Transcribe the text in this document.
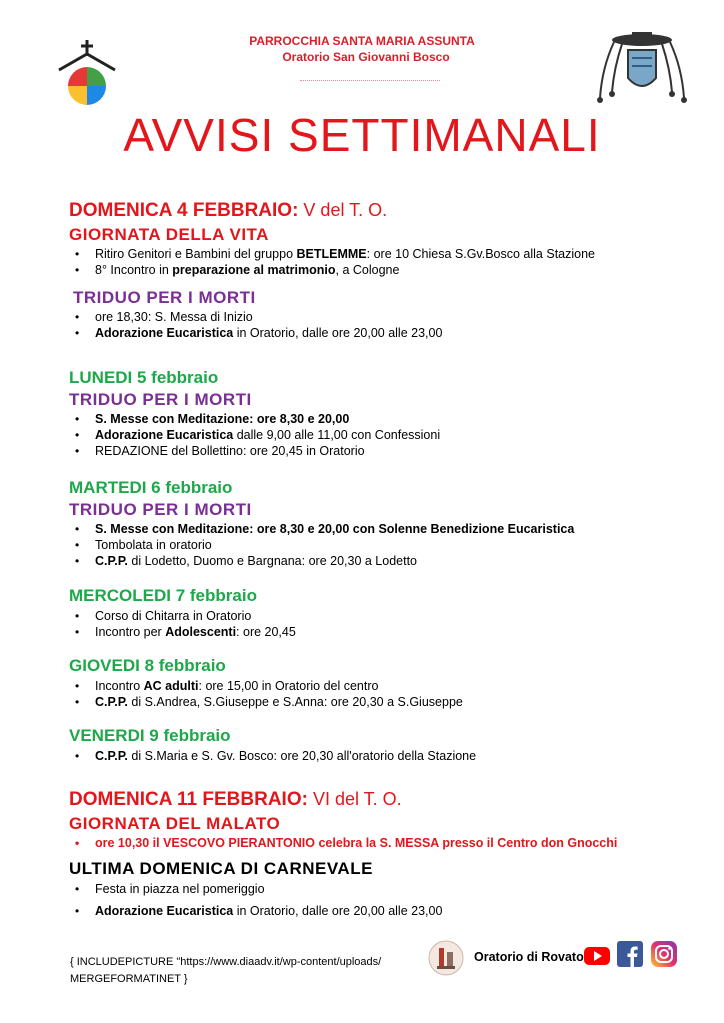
PARROCCHIA SANTA MARIA ASSUNTA
Oratorio San Giovanni Bosco
AVVISI SETTIMANALI
DOMENICA 4 FEBBRAIO: V del T. O.
GIORNATA DELLA VITA
• Ritiro Genitori e Bambini del gruppo BETLEMME: ore 10 Chiesa S.Gv.Bosco alla Stazione
• 8° Incontro in preparazione al matrimonio, a Cologne
TRIDUO PER I MORTI
• ore 18,30: S. Messa di Inizio
• Adorazione Eucaristica in Oratorio, dalle ore 20,00 alle 23,00
LUNEDI 5 febbraio
TRIDUO PER I MORTI
• S. Messe con Meditazione: ore 8,30 e 20,00
• Adorazione Eucaristica dalle 9,00 alle 11,00 con Confessioni
• REDAZIONE del Bollettino: ore 20,45 in Oratorio
MARTEDI 6 febbraio
TRIDUO PER I MORTI
• S. Messe con Meditazione: ore 8,30 e 20,00 con Solenne Benedizione Eucaristica
• Tombolata in oratorio
• C.P.P. di Lodetto, Duomo e Bargnana: ore 20,30 a Lodetto
MERCOLEDI 7 febbraio
• Corso di Chitarra in Oratorio
• Incontro per Adolescenti: ore 20,45
GIOVEDI 8 febbraio
• Incontro AC adulti: ore 15,00 in Oratorio del centro
• C.P.P. di S.Andrea, S.Giuseppe e S.Anna: ore 20,30 a S.Giuseppe
VENERDI 9 febbraio
• C.P.P. di S.Maria e S. Gv. Bosco: ore 20,30 all'oratorio della Stazione
DOMENICA 11 FEBBRAIO: VI del T. O.
GIORNATA DEL MALATO
• ore 10,30 il VESCOVO PIERANTONIO celebra la S. MESSA presso il Centro don Gnocchi
ULTIMA DOMENICA DI CARNEVALE
• Festa in piazza nel pomeriggio
• Adorazione Eucaristica in Oratorio, dalle ore 20,00 alle 23,00
{ INCLUDEPICTURE "https://www.diaadv.it/wp-content/uploads/
MERGEFORMATINET }
Oratorio di Rovato
